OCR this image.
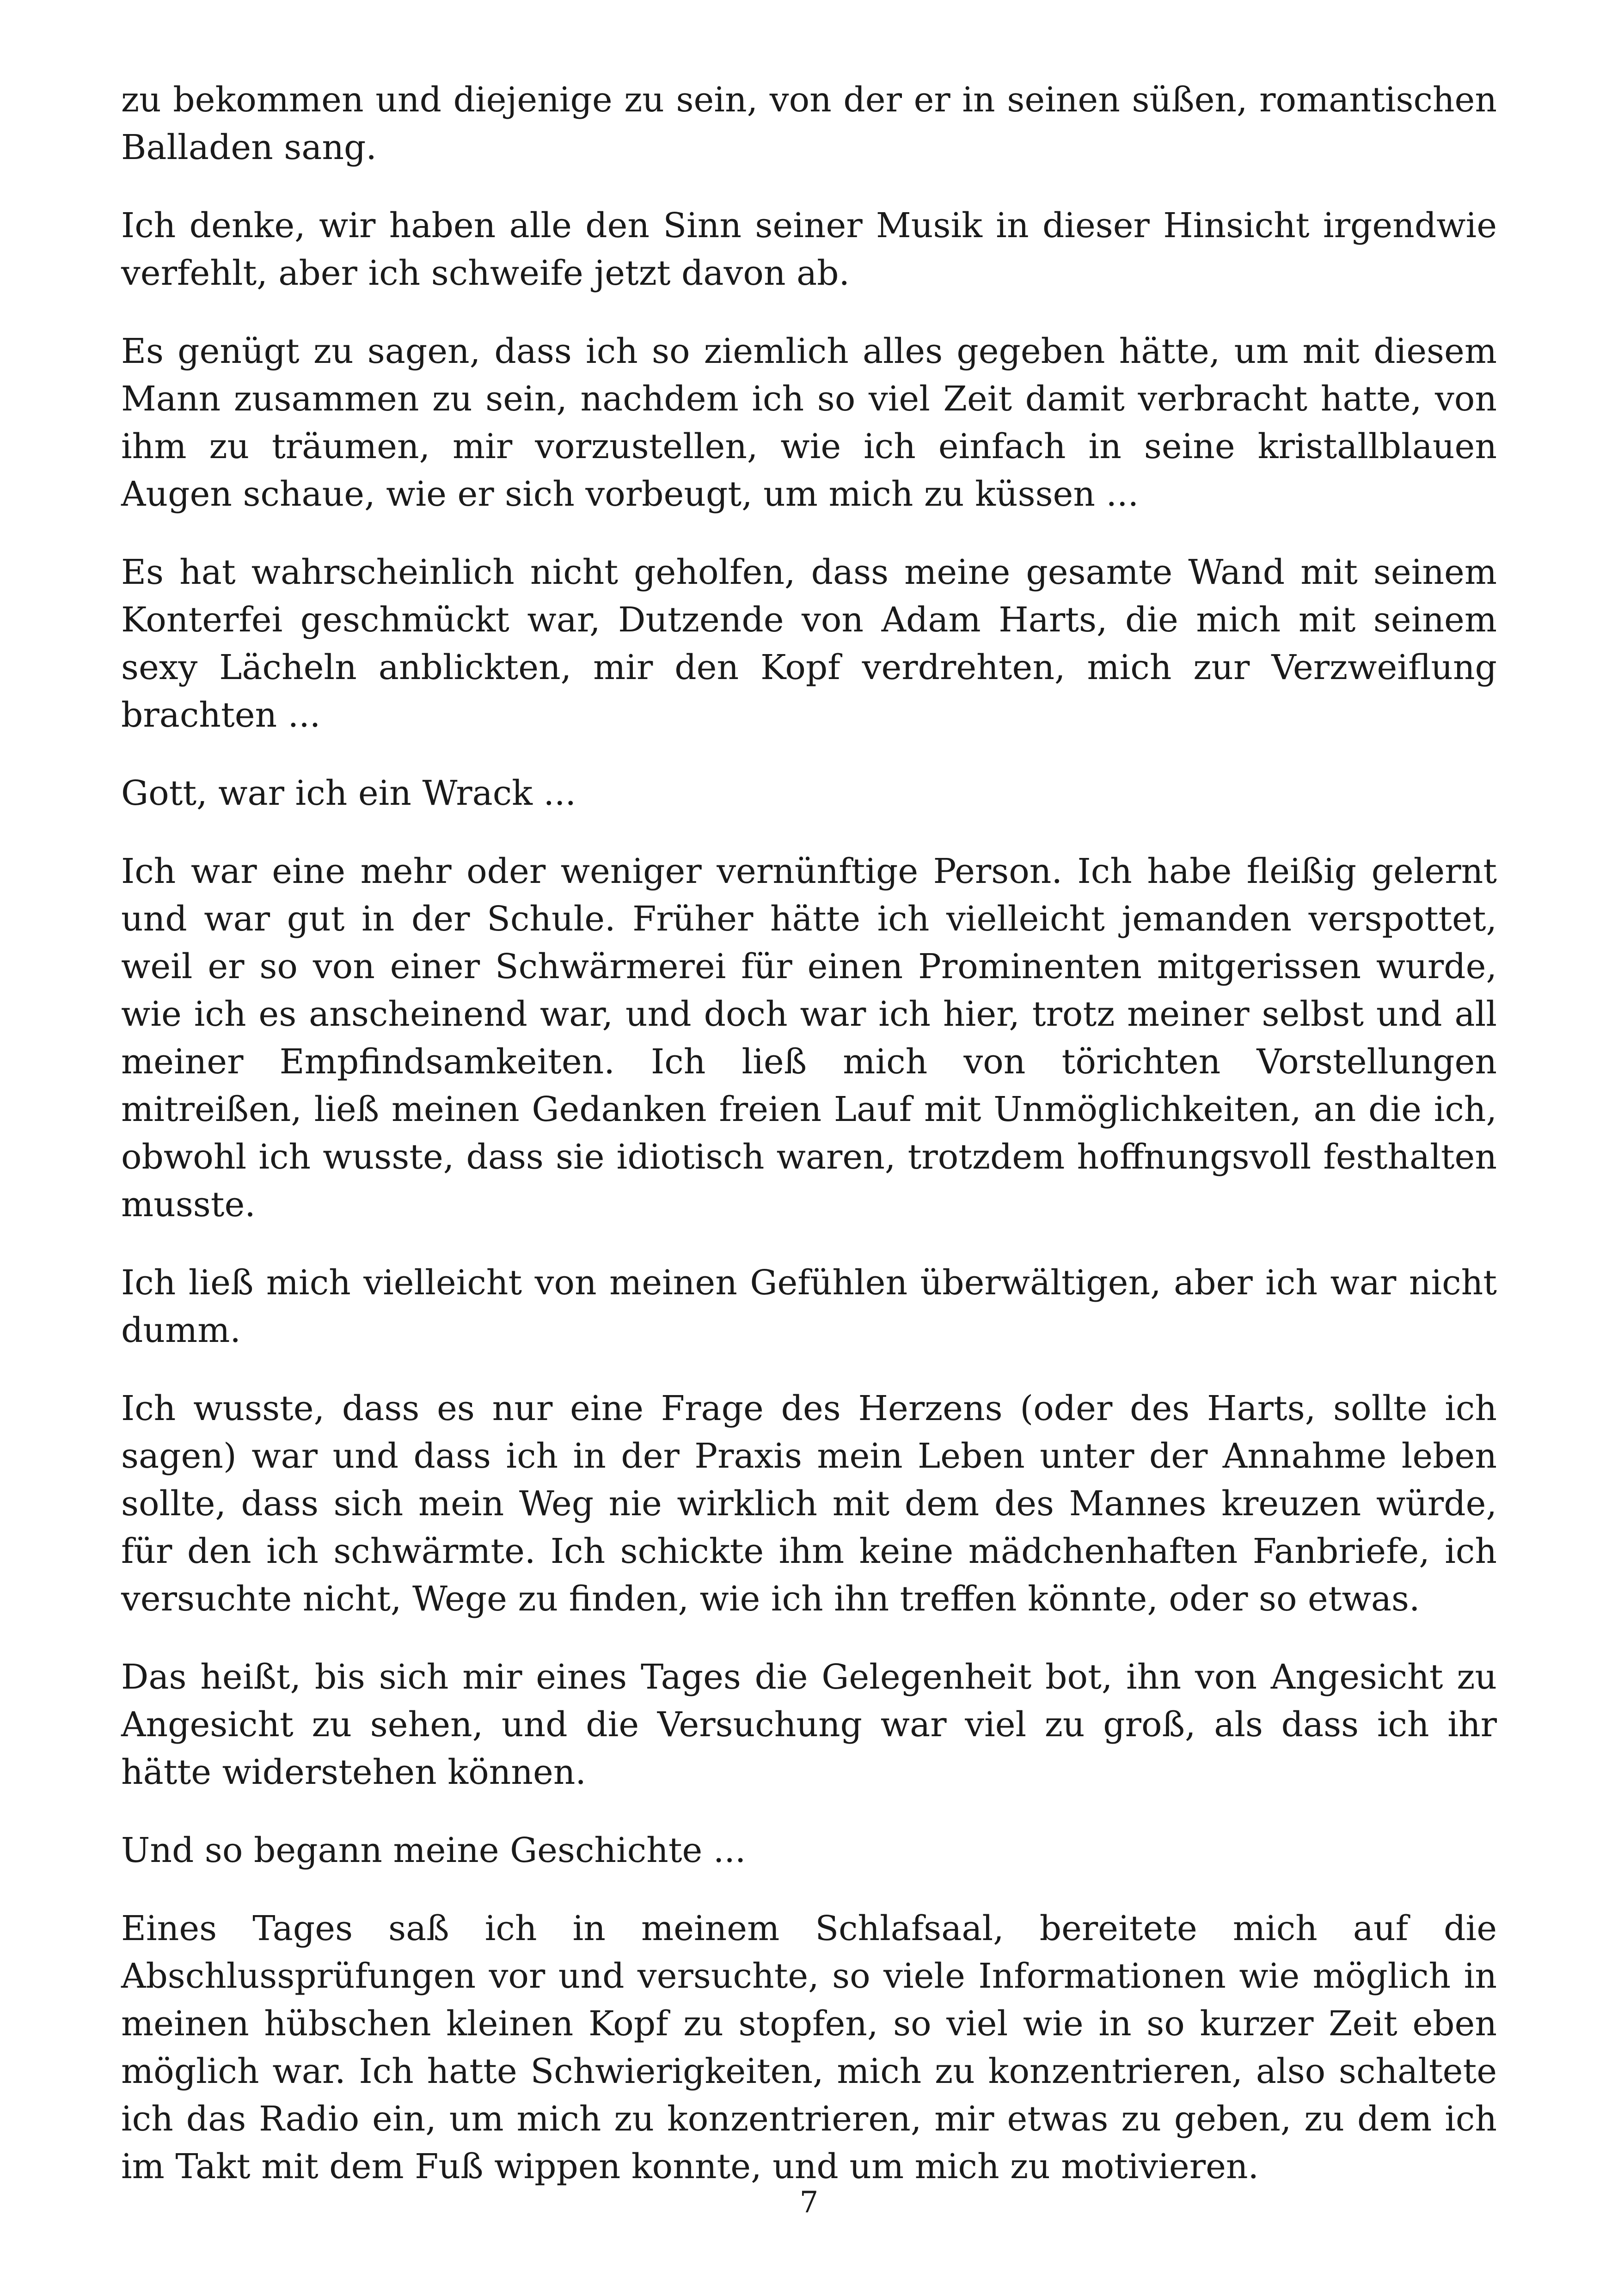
zu bekommen und diejenige zu sein, von der er in seinen süßen, romantischen Balladen sang.

Ich denke, wir haben alle den Sinn seiner Musik in dieser Hinsicht irgendwie verfehlt, aber ich schweife jetzt davon ab.

Es genügt zu sagen, dass ich so ziemlich alles gegeben hätte, um mit diesem Mann zusammen zu sein, nachdem ich so viel Zeit damit verbracht hatte, von ihm zu träumen, mir vorzustellen, wie ich einfach in seine kristallblauen Augen schaue, wie er sich vorbeugt, um mich zu küssen ...

Es hat wahrscheinlich nicht geholfen, dass meine gesamte Wand mit seinem Konterfei geschmückt war, Dutzende von Adam Harts, die mich mit seinem sexy Lächeln anblickten, mir den Kopf verdrehten, mich zur Verzweiflung brachten ...

Gott, war ich ein Wrack ...

Ich war eine mehr oder weniger vernünftige Person. Ich habe fleißig gelernt und war gut in der Schule. Früher hätte ich vielleicht jemanden verspottet, weil er so von einer Schwärmerei für einen Prominenten mitgerissen wurde, wie ich es anscheinend war, und doch war ich hier, trotz meiner selbst und all meiner Empfindsamkeiten. Ich ließ mich von törichten Vorstellungen mitreißen, ließ meinen Gedanken freien Lauf mit Unmöglichkeiten, an die ich, obwohl ich wusste, dass sie idiotisch waren, trotzdem hoffnungsvoll festhalten musste.

Ich ließ mich vielleicht von meinen Gefühlen überwältigen, aber ich war nicht dumm.

Ich wusste, dass es nur eine Frage des Herzens (oder des Harts, sollte ich sagen) war und dass ich in der Praxis mein Leben unter der Annahme leben sollte, dass sich mein Weg nie wirklich mit dem des Mannes kreuzen würde, für den ich schwärmte. Ich schickte ihm keine mädchenhaften Fanbriefe, ich versuchte nicht, Wege zu finden, wie ich ihn treffen könnte, oder so etwas.

Das heißt, bis sich mir eines Tages die Gelegenheit bot, ihn von Angesicht zu Angesicht zu sehen, und die Versuchung war viel zu groß, als dass ich ihr hätte widerstehen können.

Und so begann meine Geschichte ...

Eines Tages saß ich in meinem Schlafsaal, bereitete mich auf die Abschlussprüfungen vor und versuchte, so viele Informationen wie möglich in meinen hübschen kleinen Kopf zu stopfen, so viel wie in so kurzer Zeit eben möglich war. Ich hatte Schwierigkeiten, mich zu konzentrieren, also schaltete ich das Radio ein, um mich zu konzentrieren, mir etwas zu geben, zu dem ich im Takt mit dem Fuß wippen konnte, und um mich zu motivieren.

7
